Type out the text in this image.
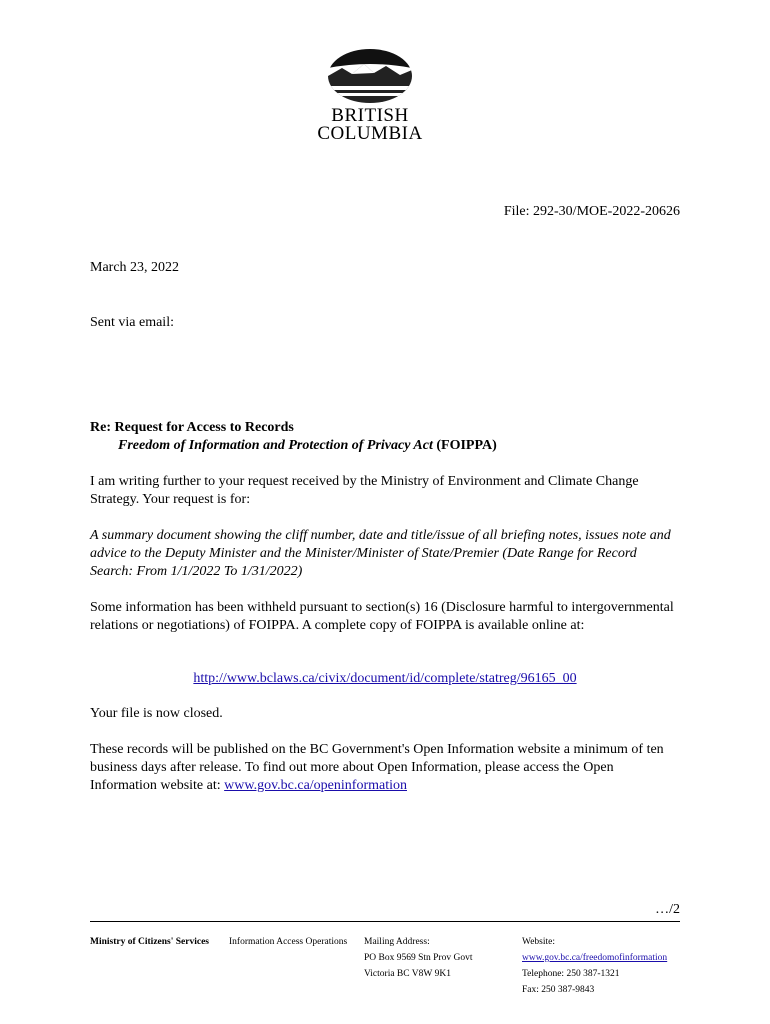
BRITISH
COLUMBIA
File: 292-30/MOE-2022-20626
March 23, 2022
Sent via email:
Re: Request for Access to Records
Freedom of Information and Protection of Privacy Act (FOIPPA)
I am writing further to your request received by the Ministry of Environment and Climate Change Strategy. Your request is for:
A summary document showing the cliff number, date and title/issue of all briefing notes, issues note and advice to the Deputy Minister and the Minister/Minister of State/Premier (Date Range for Record Search: From 1/1/2022 To 1/31/2022)
Some information has been withheld pursuant to section(s) 16 (Disclosure harmful to intergovernmental relations or negotiations) of FOIPPA. A complete copy of FOIPPA is available online at:
http://www.bclaws.ca/civix/document/id/complete/statreg/96165_00
Your file is now closed.
These records will be published on the BC Government's Open Information website a minimum of ten business days after release. To find out more about Open Information, please access the Open Information website at: www.gov.bc.ca/openinformation
…/2
Ministry of Citizens' Services Information Access Operations Mailing Address:
PO Box 9569 Stn Prov Govt
Victoria BC V8W 9K1
Website:
www.gov.bc.ca/freedomofinformation
Telephone: 250 387-1321
Fax: 250 387-9843
